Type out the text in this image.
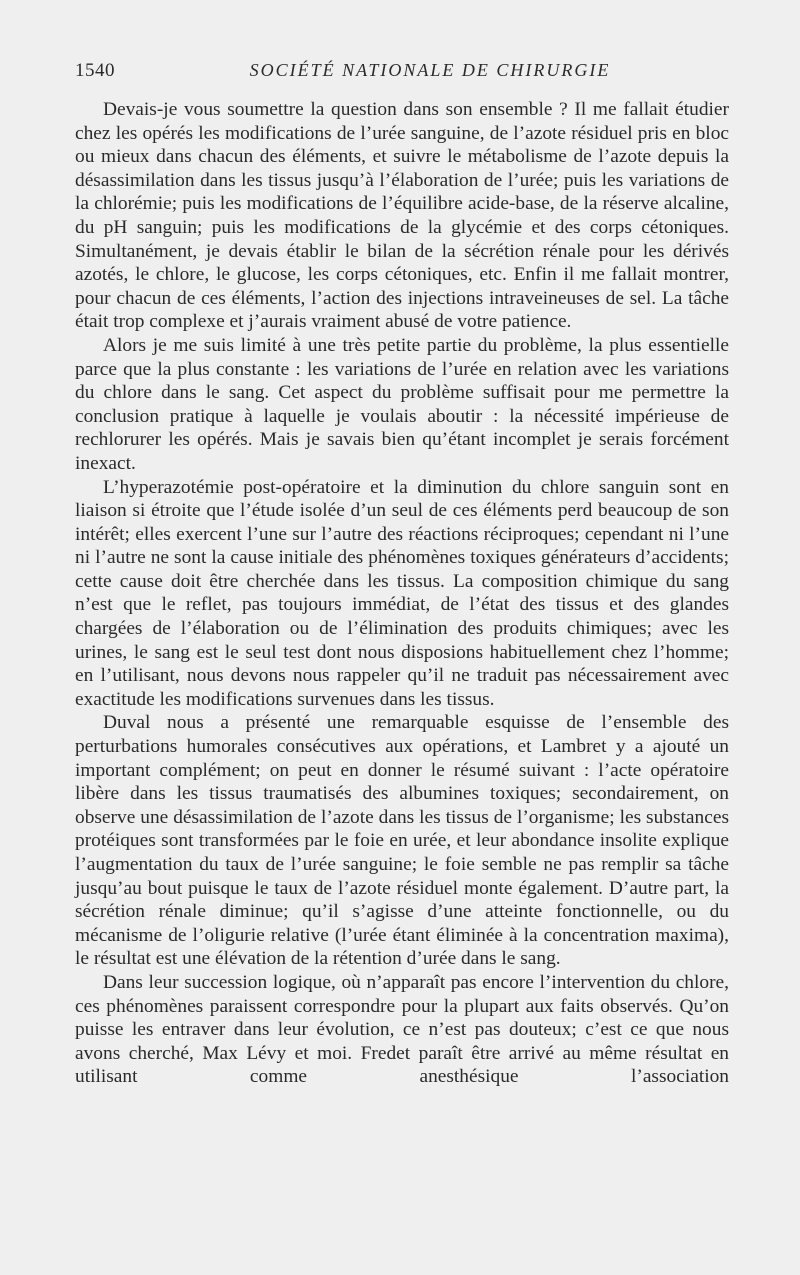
1540	SOCIÉTÉ NATIONALE DE CHIRURGIE

Devais-je vous soumettre la question dans son ensemble ? Il me fallait étudier chez les opérés les modifications de l’urée sanguine, de l’azote résiduel pris en bloc ou mieux dans chacun des éléments, et suivre le métabolisme de l’azote depuis la désassimilation dans les tissus jusqu’à l’élaboration de l’urée; puis les variations de la chlorémie; puis les modifications de l’équilibre acide-base, de la réserve alcaline, du pH sanguin; puis les modifications de la glycémie et des corps cétoniques. Simultanément, je devais établir le bilan de la sécrétion rénale pour les dérivés azotés, le chlore, le glucose, les corps cétoniques, etc. Enfin il me fallait montrer, pour chacun de ces éléments, l’action des injections intraveineuses de sel. La tâche était trop complexe et j’aurais vraiment abusé de votre patience.

Alors je me suis limité à une très petite partie du problème, la plus essentielle parce que la plus constante : les variations de l’urée en relation avec les variations du chlore dans le sang. Cet aspect du problème suffisait pour me permettre la conclusion pratique à laquelle je voulais aboutir : la nécessité impérieuse de rechlorurer les opérés. Mais je savais bien qu’étant incomplet je serais forcément inexact.

L’hyperazotémie post-opératoire et la diminution du chlore sanguin sont en liaison si étroite que l’étude isolée d’un seul de ces éléments perd beaucoup de son intérêt; elles exercent l’une sur l’autre des réactions réciproques; cependant ni l’une ni l’autre ne sont la cause initiale des phénomènes toxiques générateurs d’accidents; cette cause doit être cherchée dans les tissus. La composition chimique du sang n’est que le reflet, pas toujours immédiat, de l’état des tissus et des glandes chargées de l’élaboration ou de l’élimination des produits chimiques; avec les urines, le sang est le seul test dont nous disposions habituellement chez l’homme; en l’utilisant, nous devons nous rappeler qu’il ne traduit pas nécessairement avec exactitude les modifications survenues dans les tissus.

Duval nous a présenté une remarquable esquisse de l’ensemble des perturbations humorales consécutives aux opérations, et Lambret y a ajouté un important complément; on peut en donner le résumé suivant : l’acte opératoire libère dans les tissus traumatisés des albumines toxiques; secondairement, on observe une désassimilation de l’azote dans les tissus de l’organisme; les substances protéiques sont transformées par le foie en urée, et leur abondance insolite explique l’augmentation du taux de l’urée sanguine; le foie semble ne pas remplir sa tâche jusqu’au bout puisque le taux de l’azote résiduel monte également. D’autre part, la sécrétion rénale diminue; qu’il s’agisse d’une atteinte fonctionnelle, ou du mécanisme de l’oligurie relative (l’urée étant éliminée à la concentration maxima), le résultat est une élévation de la rétention d’urée dans le sang.

Dans leur succession logique, où n’apparaît pas encore l’intervention du chlore, ces phénomènes paraissent correspondre pour la plupart aux faits observés. Qu’on puisse les entraver dans leur évolution, ce n’est pas douteux; c’est ce que nous avons cherché, Max Lévy et moi. Fredet paraît être arrivé au même résultat en utilisant comme anesthésique l’association
